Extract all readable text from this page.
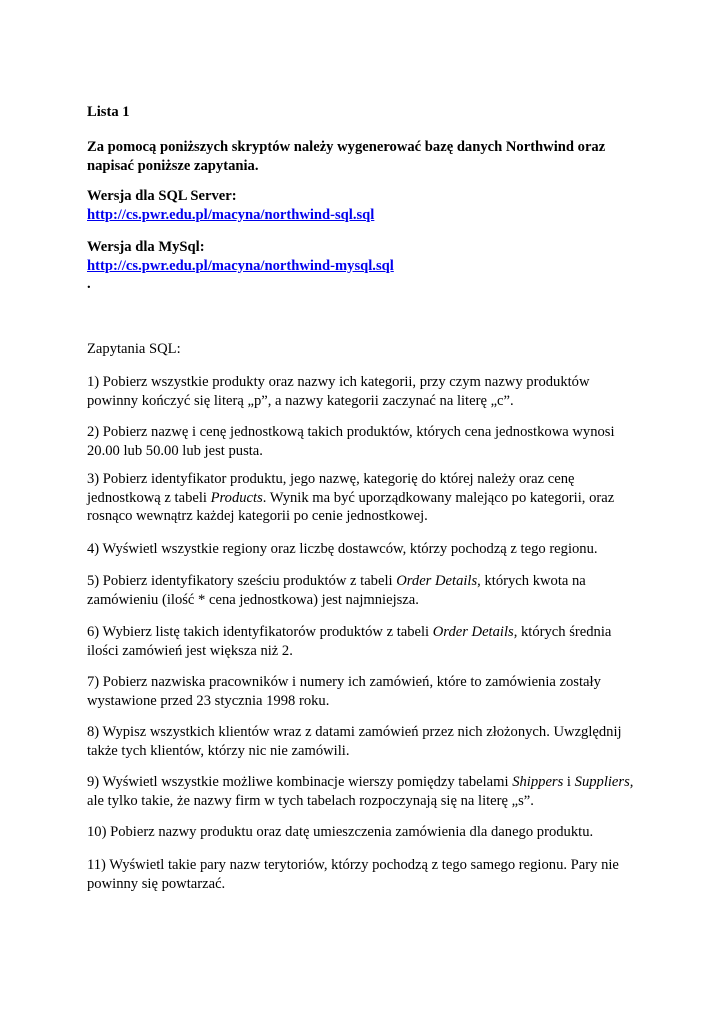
Lista 1

Za pomocą poniższych skryptów należy wygenerować bazę danych Northwind oraz
napisać poniższe zapytania.

Wersja dla SQL Server:
http://cs.pwr.edu.pl/macyna/northwind-sql.sql

Wersja dla MySql:
http://cs.pwr.edu.pl/macyna/northwind-mysql.sql
.

Zapytania SQL:

1) Pobierz wszystkie produkty oraz nazwy ich kategorii, przy czym nazwy produktów
powinny kończyć się literą „p”, a nazwy kategorii zaczynać na literę „c”.

2) Pobierz nazwę i cenę jednostkową takich produktów, których cena jednostkowa wynosi
20.00 lub 50.00 lub jest pusta.

3) Pobierz identyfikator produktu, jego nazwę, kategorię do której należy oraz cenę
jednostkową z tabeli Products. Wynik ma być uporządkowany malejąco po kategorii, oraz
rosnąco wewnątrz każdej kategorii po cenie jednostkowej.

4) Wyświetl wszystkie regiony oraz liczbę dostawców, którzy pochodzą z tego regionu.

5) Pobierz identyfikatory sześciu produktów z tabeli Order Details, których kwota na
zamówieniu (ilość * cena jednostkowa) jest najmniejsza.

6) Wybierz listę takich identyfikatorów produktów z tabeli Order Details, których średnia
ilości zamówień jest większa niż 2.

7) Pobierz nazwiska pracowników i numery ich zamówień, które to zamówienia zostały
wystawione przed 23 stycznia 1998 roku.

8) Wypisz wszystkich klientów wraz z datami zamówień przez nich złożonych. Uwzględnij
także tych klientów, którzy nic nie zamówili.

9) Wyświetl wszystkie możliwe kombinacje wierszy pomiędzy tabelami Shippers i Suppliers,
ale tylko takie, że nazwy firm w tych tabelach rozpoczynają się na literę „s”.

10) Pobierz nazwy produktu oraz datę umieszczenia zamówienia dla danego produktu.

11) Wyświetl takie pary nazw terytoriów, którzy pochodzą z tego samego regionu. Pary nie
powinny się powtarzać.
